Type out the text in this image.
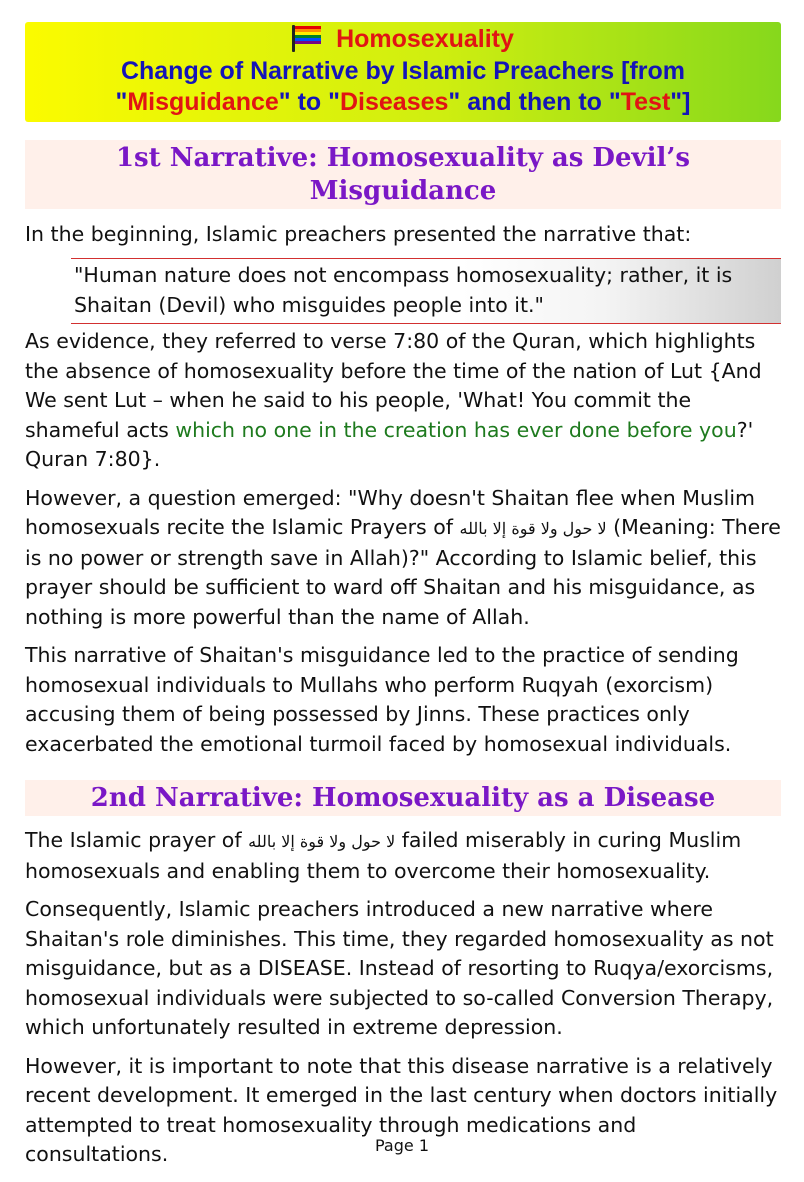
Homosexuality
Change of Narrative by Islamic Preachers [from
"Misguidance" to "Diseases" and then to "Test"]
1st Narrative: Homosexuality as Devil’s Misguidance

In the beginning, Islamic preachers presented the narrative that:

"Human nature does not encompass homosexuality; rather, it is Shaitan (Devil) who misguides people into it."

As evidence, they referred to verse 7:80 of the Quran, which highlights the absence of homosexuality before the time of the nation of Lut {And We sent Lut – when he said to his people, 'What! You commit the shameful acts which no one in the creation has ever done before you?' Quran 7:80}.

However, a question emerged: "Why doesn't Shaitan flee when Muslim homosexuals recite the Islamic Prayers of لا حول ولا قوة إلا بالله (Meaning: There is no power or strength save in Allah)?" According to Islamic belief, this prayer should be sufficient to ward off Shaitan and his misguidance, as nothing is more powerful than the name of Allah.

This narrative of Shaitan's misguidance led to the practice of sending homosexual individuals to Mullahs who perform Ruqyah (exorcism) accusing them of being possessed by Jinns. These practices only exacerbated the emotional turmoil faced by homosexual individuals.

2nd Narrative: Homosexuality as a Disease

The Islamic prayer of لا حول ولا قوة إلا بالله failed miserably in curing Muslim homosexuals and enabling them to overcome their homosexuality.

Consequently, Islamic preachers introduced a new narrative where Shaitan's role diminishes. This time, they regarded homosexuality as not misguidance, but as a DISEASE. Instead of resorting to Ruqya/exorcisms, homosexual individuals were subjected to so-called Conversion Therapy, which unfortunately resulted in extreme depression.

However, it is important to note that this disease narrative is a relatively recent development. It emerged in the last century when doctors initially attempted to treat homosexuality through medications and consultations.	Page 1
